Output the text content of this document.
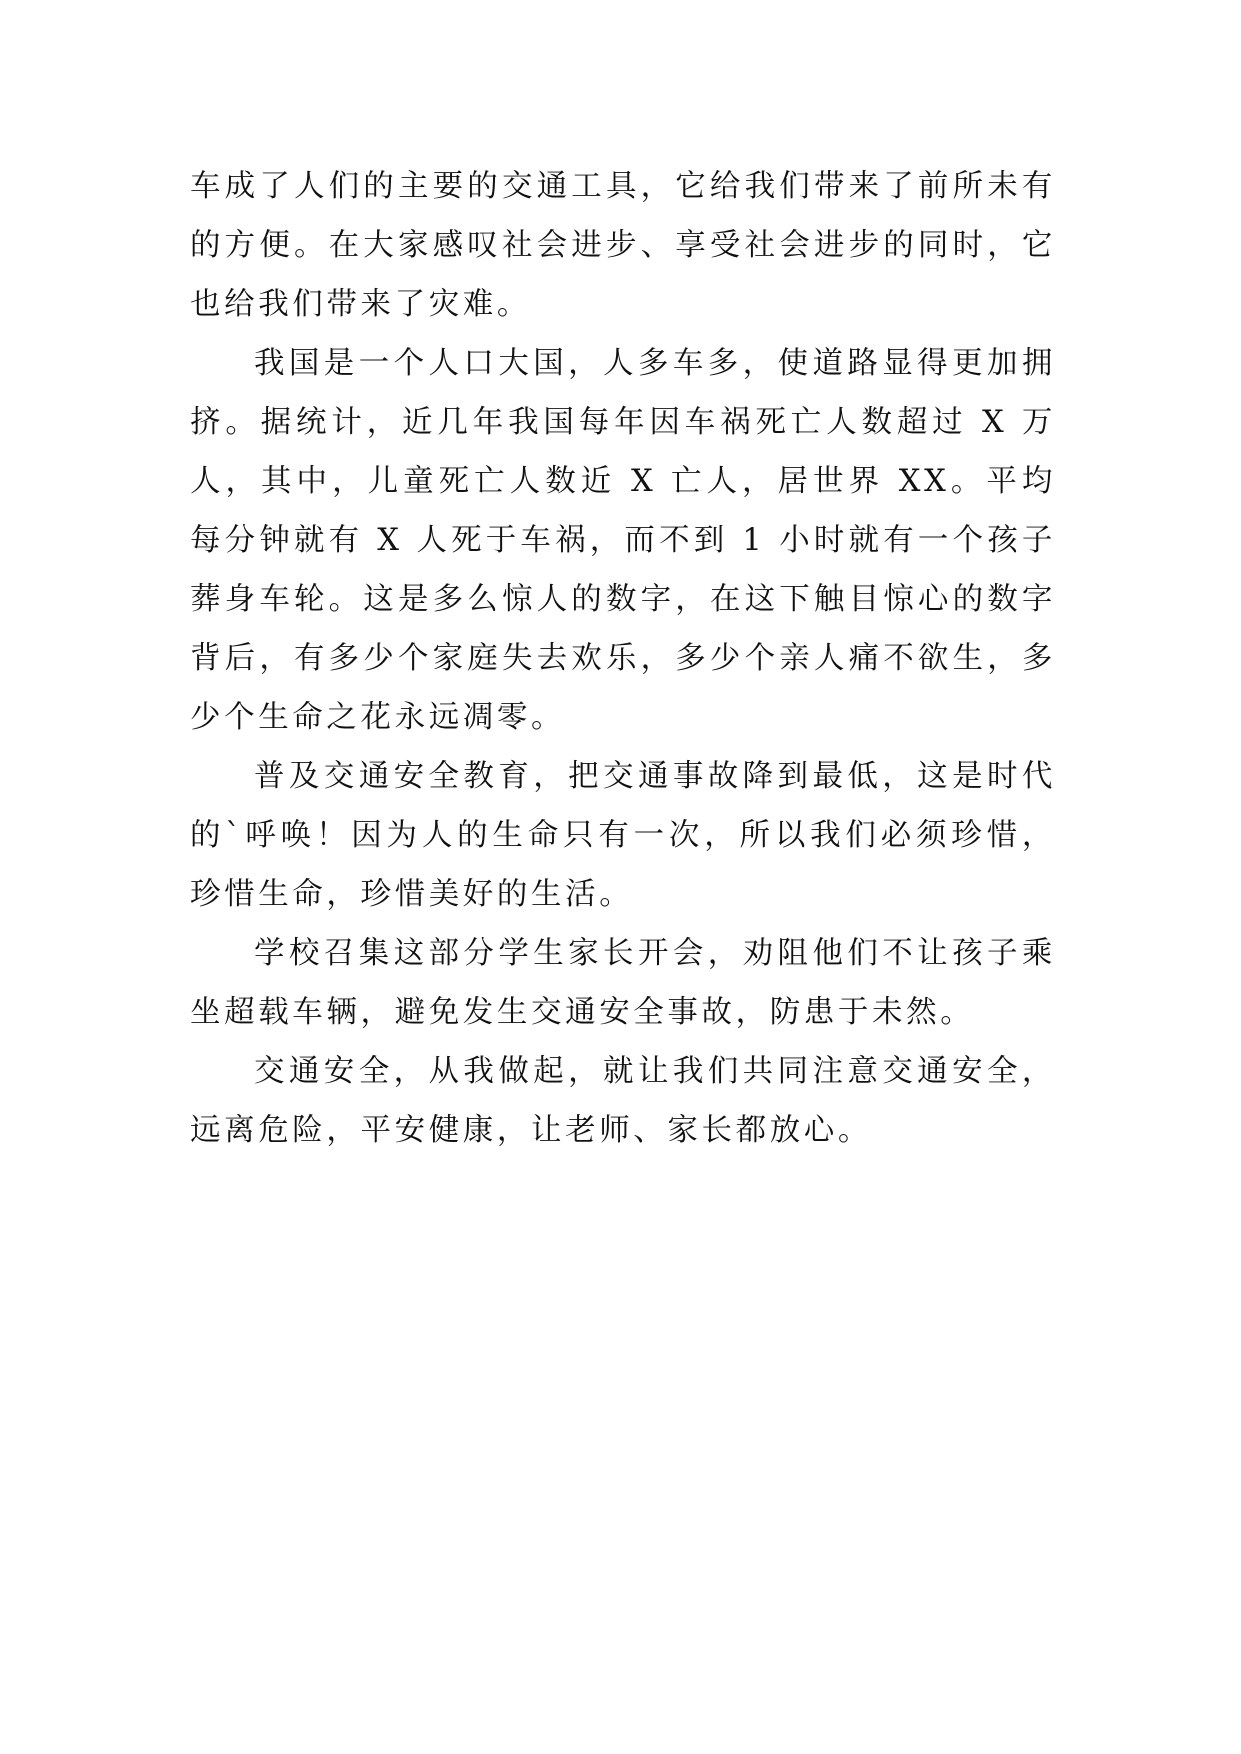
车成了人们的主要的交通工具，它给我们带来了前所未有的方便。在大家感叹社会进步、享受社会进步的同时，它也给我们带来了灾难。

我国是一个人口大国，人多车多，使道路显得更加拥挤。据统计，近几年我国每年因车祸死亡人数超过 X 万人，其中，儿童死亡人数近 X 亡人，居世界 XX。平均每分钟就有 X 人死于车祸，而不到 1 小时就有一个孩子葬身车轮。这是多么惊人的数字，在这下触目惊心的数字背后，有多少个家庭失去欢乐，多少个亲人痛不欲生，多少个生命之花永远凋零。

普及交通安全教育，把交通事故降到最低，这是时代的`呼唤！因为人的生命只有一次，所以我们必须珍惜，珍惜生命，珍惜美好的生活。

学校召集这部分学生家长开会，劝阻他们不让孩子乘坐超载车辆，避免发生交通安全事故，防患于未然。

交通安全，从我做起，就让我们共同注意交通安全，远离危险，平安健康，让老师、家长都放心。
